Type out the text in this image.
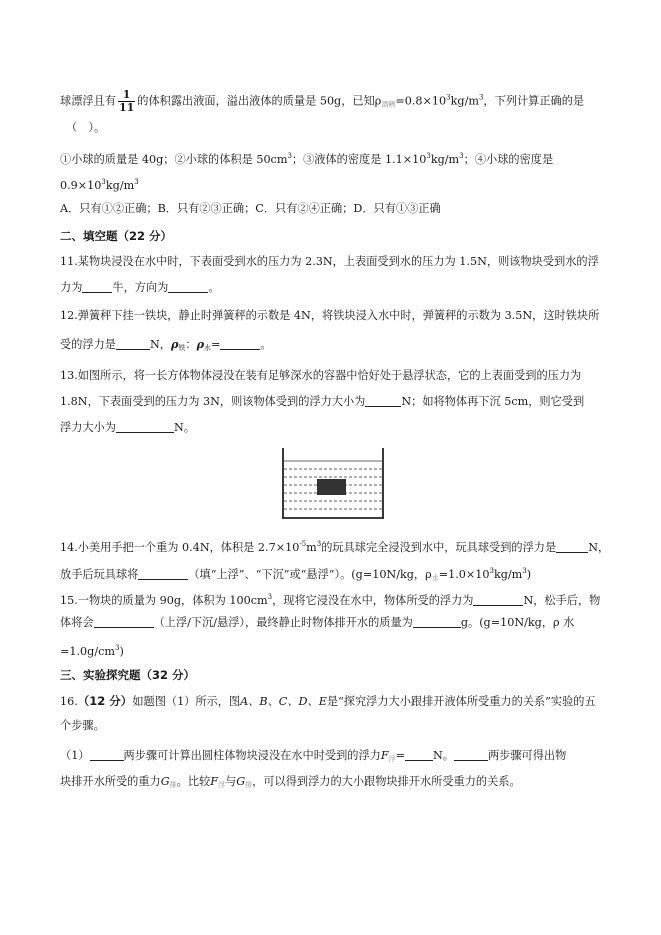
球漂浮且有 $\frac{1}{11}$ 的体积露出液面，溢出液体的质量是 50g，已知$\rho_{酒精}=0.8\times 10^3kg/m^3$，下列计算正确的是
（　）。
①小球的质量是 40g；②小球的体积是 $50cm^3$；③液体的密度是 $1.1\times 10^3kg/m^3$；④小球的密度是
$0.9\times 10^3kg/m^3$
A．只有①②正确；B．只有②③正确；C．只有②④正确；D．只有①③正确
二、填空题（22 分）
11.某物块浸没在水中时，下表面受到水的压力为 2.3N，上表面受到水的压力为 1.5N，则该物块受到水的浮
力为	牛，方向为	。
12.弹簧秤下挂一铁块，静止时弹簧秤的示数是 4N，将铁块浸入水中时，弹簧秤的示数为 3.5N，这时铁块所
受的浮力是	N，$\rho_铁$：$\rho_水=$	。
13.如图所示，将一长方体物体浸没在装有足够深水的容器中恰好处于悬浮状态，它的上表面受到的压力为
1.8N，下表面受到的压力为 3N，则该物体受到的浮力大小为	N；如将物体再下沉 5cm，则它受到
浮力大小为	N。
14.小美用手把一个重为 0.4N，体积是 $2.7\times 10^{-5}m^3$的玩具球完全浸没到水中，玩具球受到的浮力是	N，
放手后玩具球将	（填“上浮”、“下沉”或“悬浮”）。(g=10N/kg，$\rho_水=1.0\times 10^3kg/m^3$)
15.一物块的质量为 90g，体积为 $100cm^3$，现将它浸没在水中，物体所受的浮力为	N，松手后，物
体将会	（上浮/下沉/悬浮），最终静止时物体排开水的质量为	g。(g=10N/kg，ρ 水
$=1.0g/cm^3$)
三、实验探究题（32 分）
16.（12 分）如题图（1）所示，图A、B、C、D、E是“探究浮力大小跟排开液体所受重力的关系”实验的五
个步骤。
（1）	两步骤可计算出圆柱体物块浸没在水中时受到的浮力$F_浮=$	N。	两步骤可得出物
块排开水所受的重力$G_排$。比较$F_浮$与$G_排$，可以得到浮力的大小跟物块排开水所受重力的关系。
